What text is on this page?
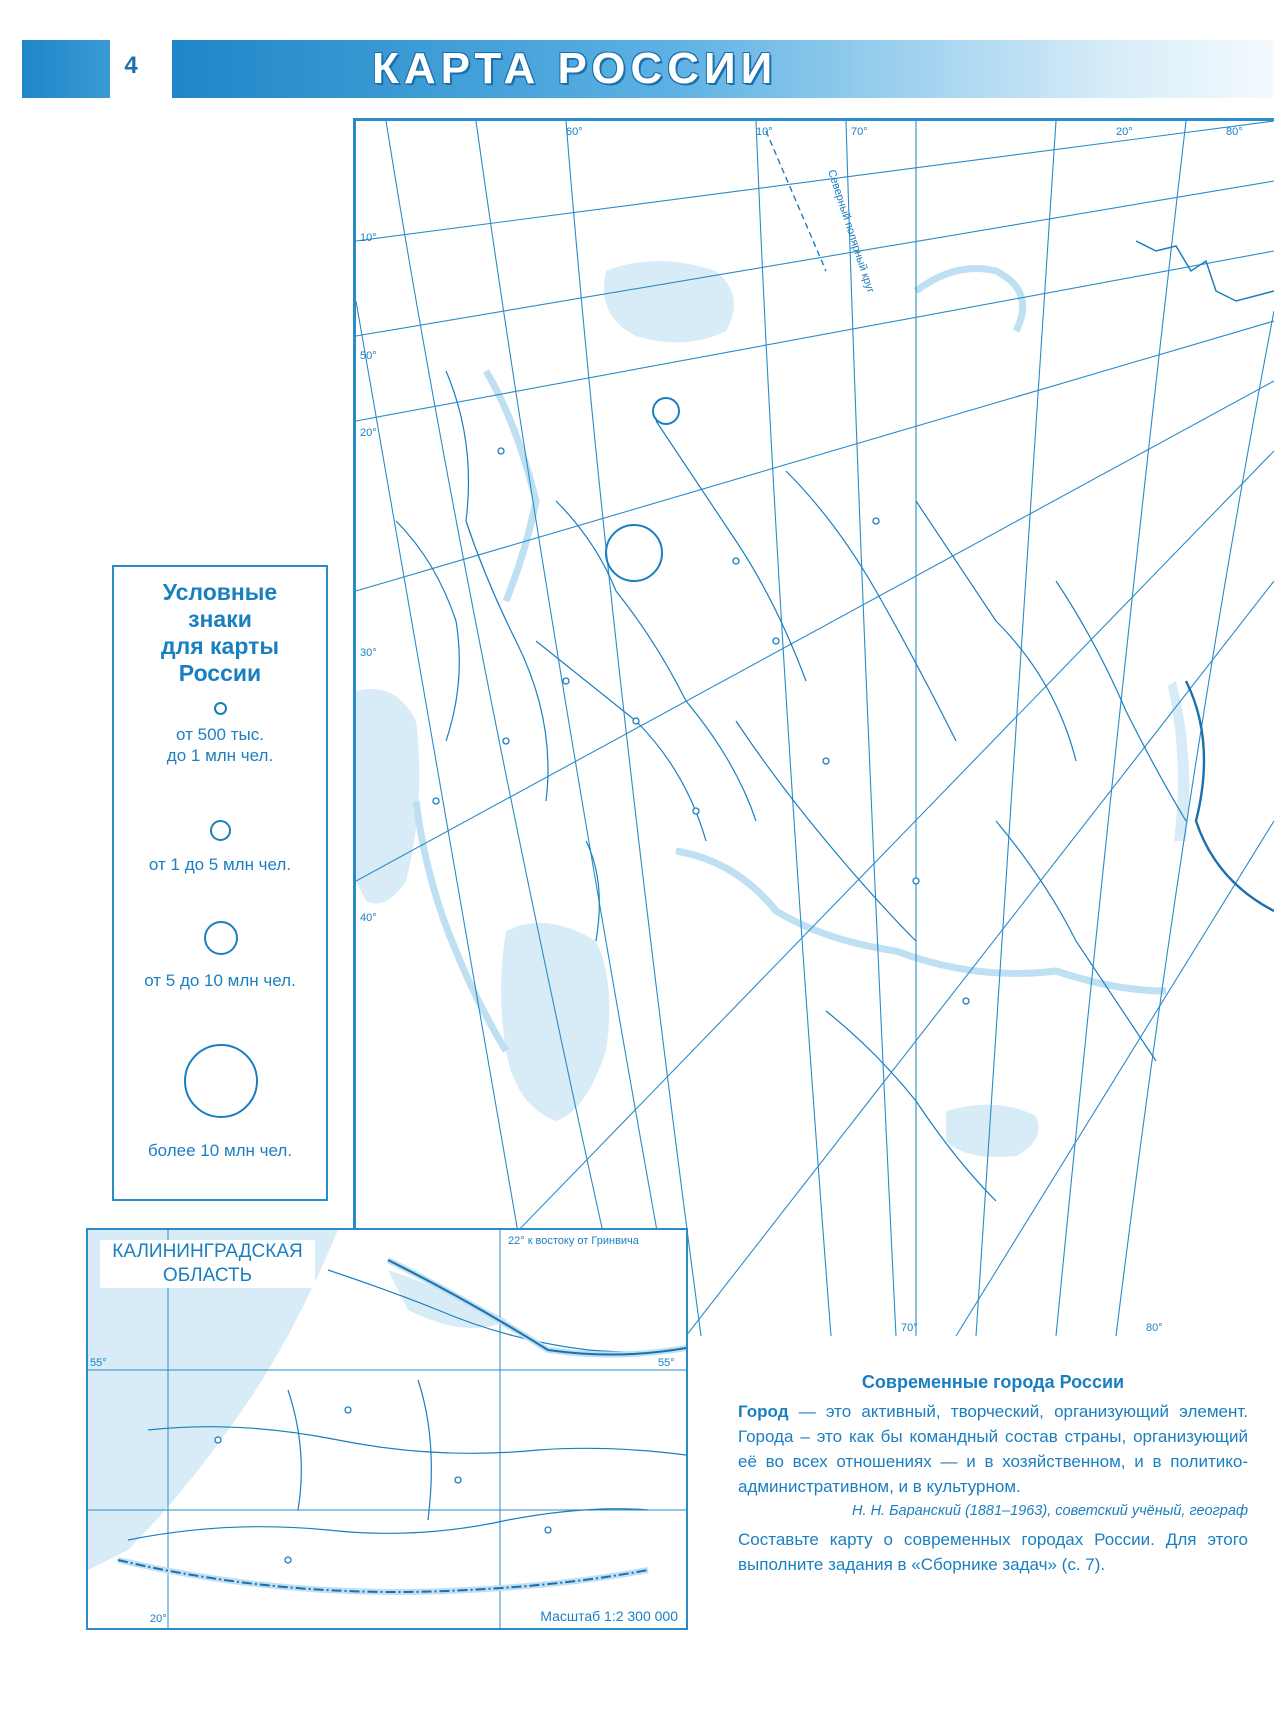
4	КАРТА РОССИИ
60°	10°	70°	20°	80°
10°
50°
20°
30°
40°
70°	80°
Северный полярный круг
Условные
знаки
для карты
России
от 500 тыс.
до 1 млн чел.
от 1 до 5 млн чел.
от 5 до 10 млн чел.
более 10 млн чел.
22° к востоку от Гринвича
55°	55°
20°
КАЛИНИНГРАДСКАЯ
ОБЛАСТЬ
Масштаб 1:2 300 000
Современные города России

Город — это активный, творческий, организующий элемент. Города – это как бы командный состав страны, организующий её во всех отношениях — и в хозяйственном, и в политико-административном, и в культурном.

Н. Н. Баранский (1881–1963), советский учёный, географ

Составьте карту о современных городах России. Для этого выполните задания в «Сборнике задач» (с. 7).
